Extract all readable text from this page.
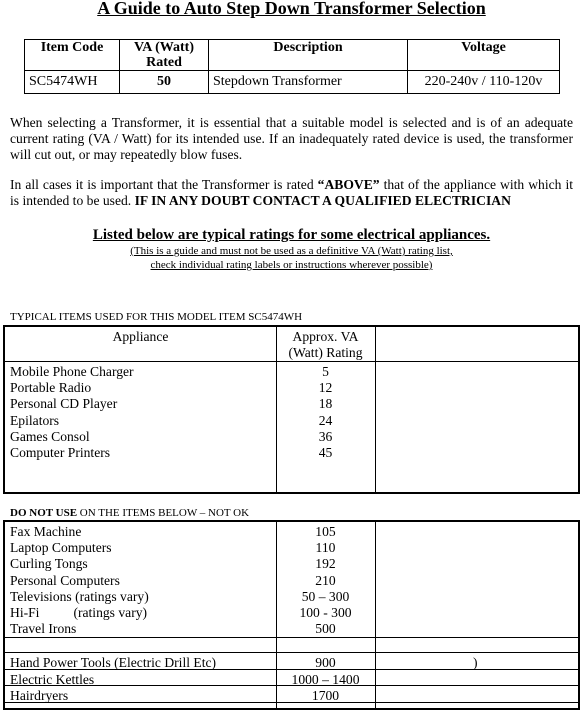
A Guide to Auto Step Down Transformer Selection
Item Code	VA (Watt) Rated	Description	Voltage
SC5474WH	50	Stepdown Transformer	220-240v / 110-120v
When selecting a Transformer, it is essential that a suitable model is selected and is of an adequate current rating (VA / Watt) for its intended use. If an inadequately rated device is used, the transformer will cut out, or may repeatedly blow fuses.
In all cases it is important that the Transformer is rated “ABOVE” that of the appliance with which it is intended to be used. IF IN ANY DOUBT CONTACT A QUALIFIED ELECTRICIAN
Listed below are typical ratings for some electrical appliances.
(This is a guide and must not be used as a definitive VA (Watt) rating list,
check individual rating labels or instructions wherever possible)
TYPICAL ITEMS USED FOR THIS MODEL ITEM SC5474WH
Appliance	Approx. VA
(Watt) Rating
Mobile Phone Charger	5
Portable Radio	12
Personal CD Player	18
Epilators	24
Games Consol	36
Computer Printers	45
DO NOT USE ON THE ITEMS BELOW – NOT OK
Fax Machine	105
Laptop Computers	110
Curling Tongs	192
Personal Computers	210
Televisions (ratings vary)	50 – 300
Hi-Fi          (ratings vary)	100 - 300
Travel Irons	500
Hand Power Tools (Electric Drill Etc)	900	)
Electric Kettles	1000 – 1400
Hairdryers	1700
